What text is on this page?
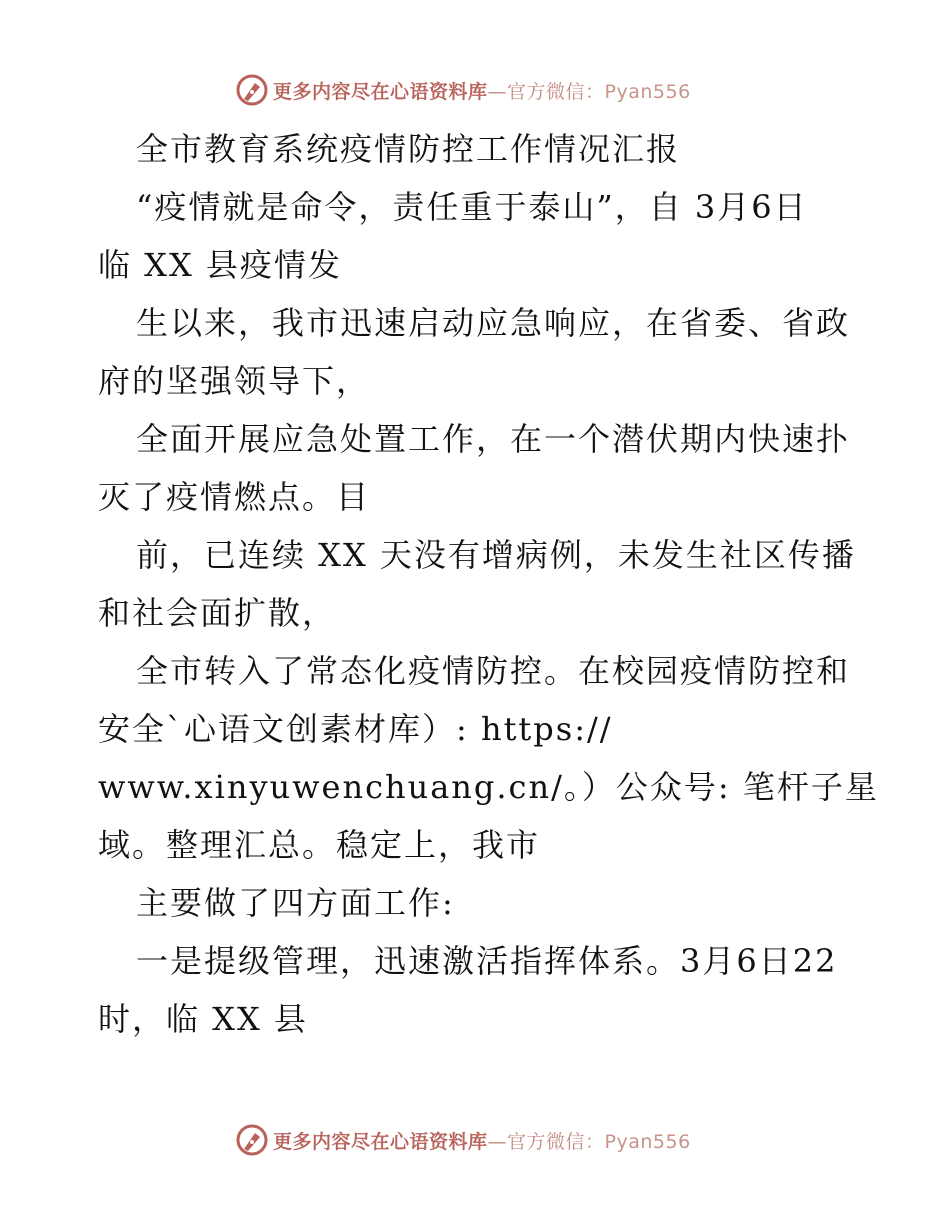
更多内容尽在心语资料库—官方微信：Pyan556
全市教育系统疫情防控工作情况汇报
“疫情就是命令，责任重于泰山”，自 3月6日
临 XX 县疫情发
生以来，我市迅速启动应急响应，在省委、省政
府的坚强领导下，
全面开展应急处置工作，在一个潜伏期内快速扑
灭了疫情燃点。目
前，已连续 XX 天没有增病例，未发生社区传播
和社会面扩散，
全市转入了常态化疫情防控。在校园疫情防控和
安全`心语文创素材库）: https://
www.xinyuwenchuang.cn/。）公众号: 笔杆子星
域。整理汇总。稳定上，我市
主要做了四方面工作:
一是提级管理，迅速激活指挥体系。3月6日22
时，临 XX 县
更多内容尽在心语资料库—官方微信：Pyan556
